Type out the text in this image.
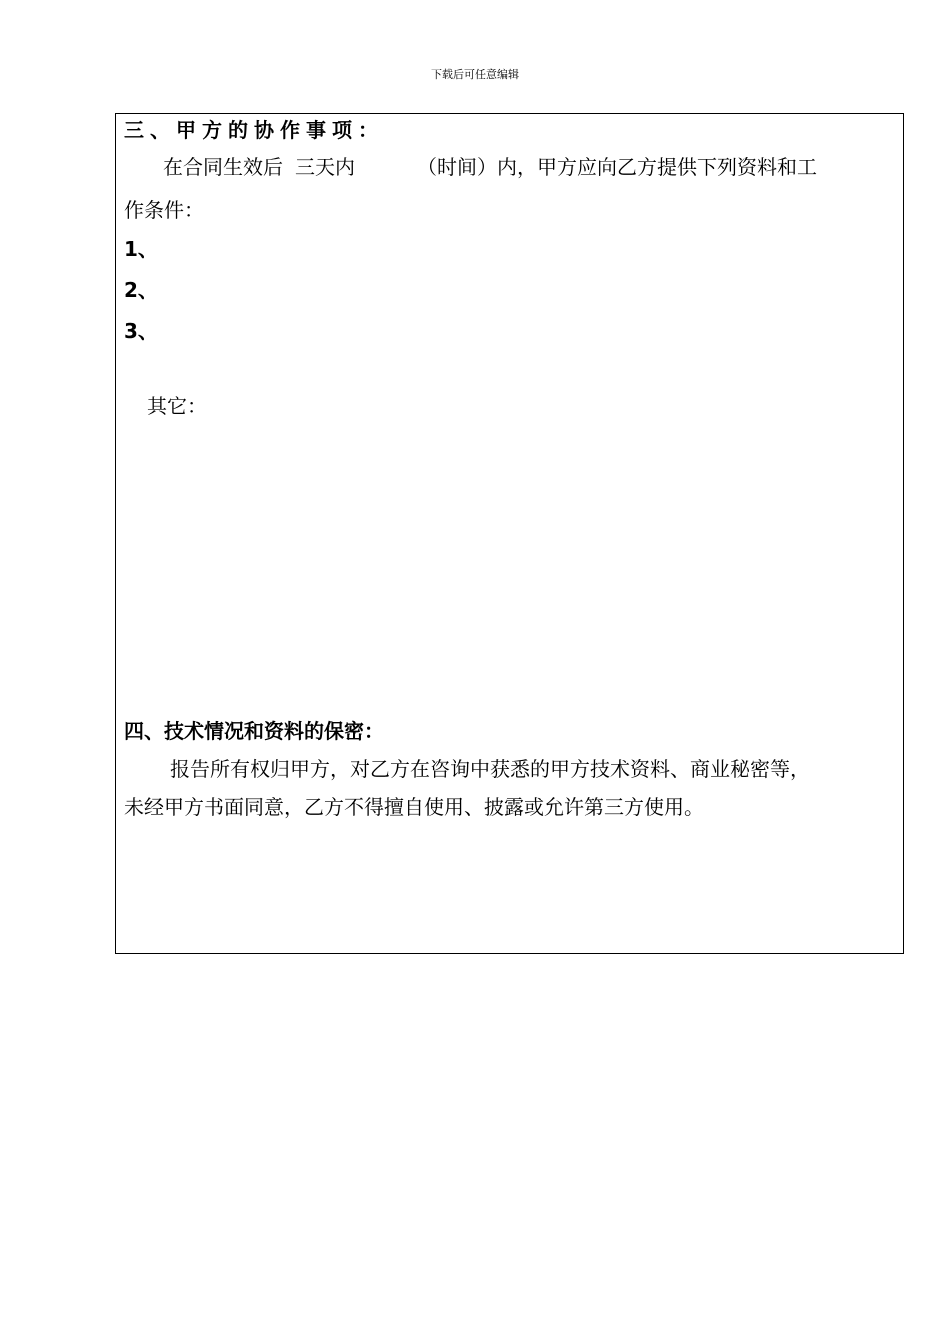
下载后可任意编辑
三、甲方的协作事项：
在合同生效后 三天内	（时间）内，甲方应向乙方提供下列资料和工
作条件：
1、
2、
3、
其它：
四、技术情况和资料的保密：
报告所有权归甲方，对乙方在咨询中获悉的甲方技术资料、商业秘密等，
未经甲方书面同意，乙方不得擅自使用、披露或允许第三方使用。
